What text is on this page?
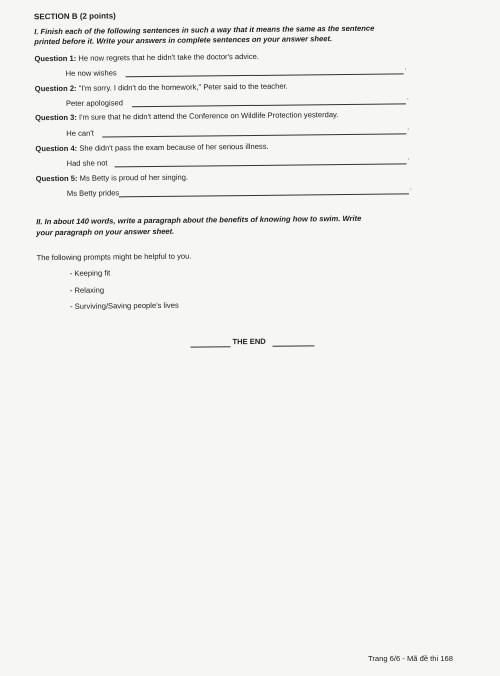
SECTION B (2 points)
I. Finish each of the following sentences in such a way that it means the same as the sentence
printed before it. Write your answers in complete sentences on your answer sheet.
Question 1: He now regrets that he didn't take the doctor's advice.
He now wishes
.
Question 2: "I'm sorry. I didn't do the homework," Peter said to the teacher.
Peter apologised
.
Question 3: I'm sure that he didn't attend the Conference on Wildlife Protection yesterday.
He can't
.
Question 4: She didn't pass the exam because of her serious illness.
Had she not
.
Question 5: Ms Betty is proud of her singing.
Ms Betty prides
.
II. In about 140 words, write a paragraph about the benefits of knowing how to swim. Write
your paragraph on your answer sheet.
The following prompts might be helpful to you.
- Keeping fit
- Relaxing
- Surviving/Saving people's lives
THE END
Trang 6/6 - Mã đề thi 168
